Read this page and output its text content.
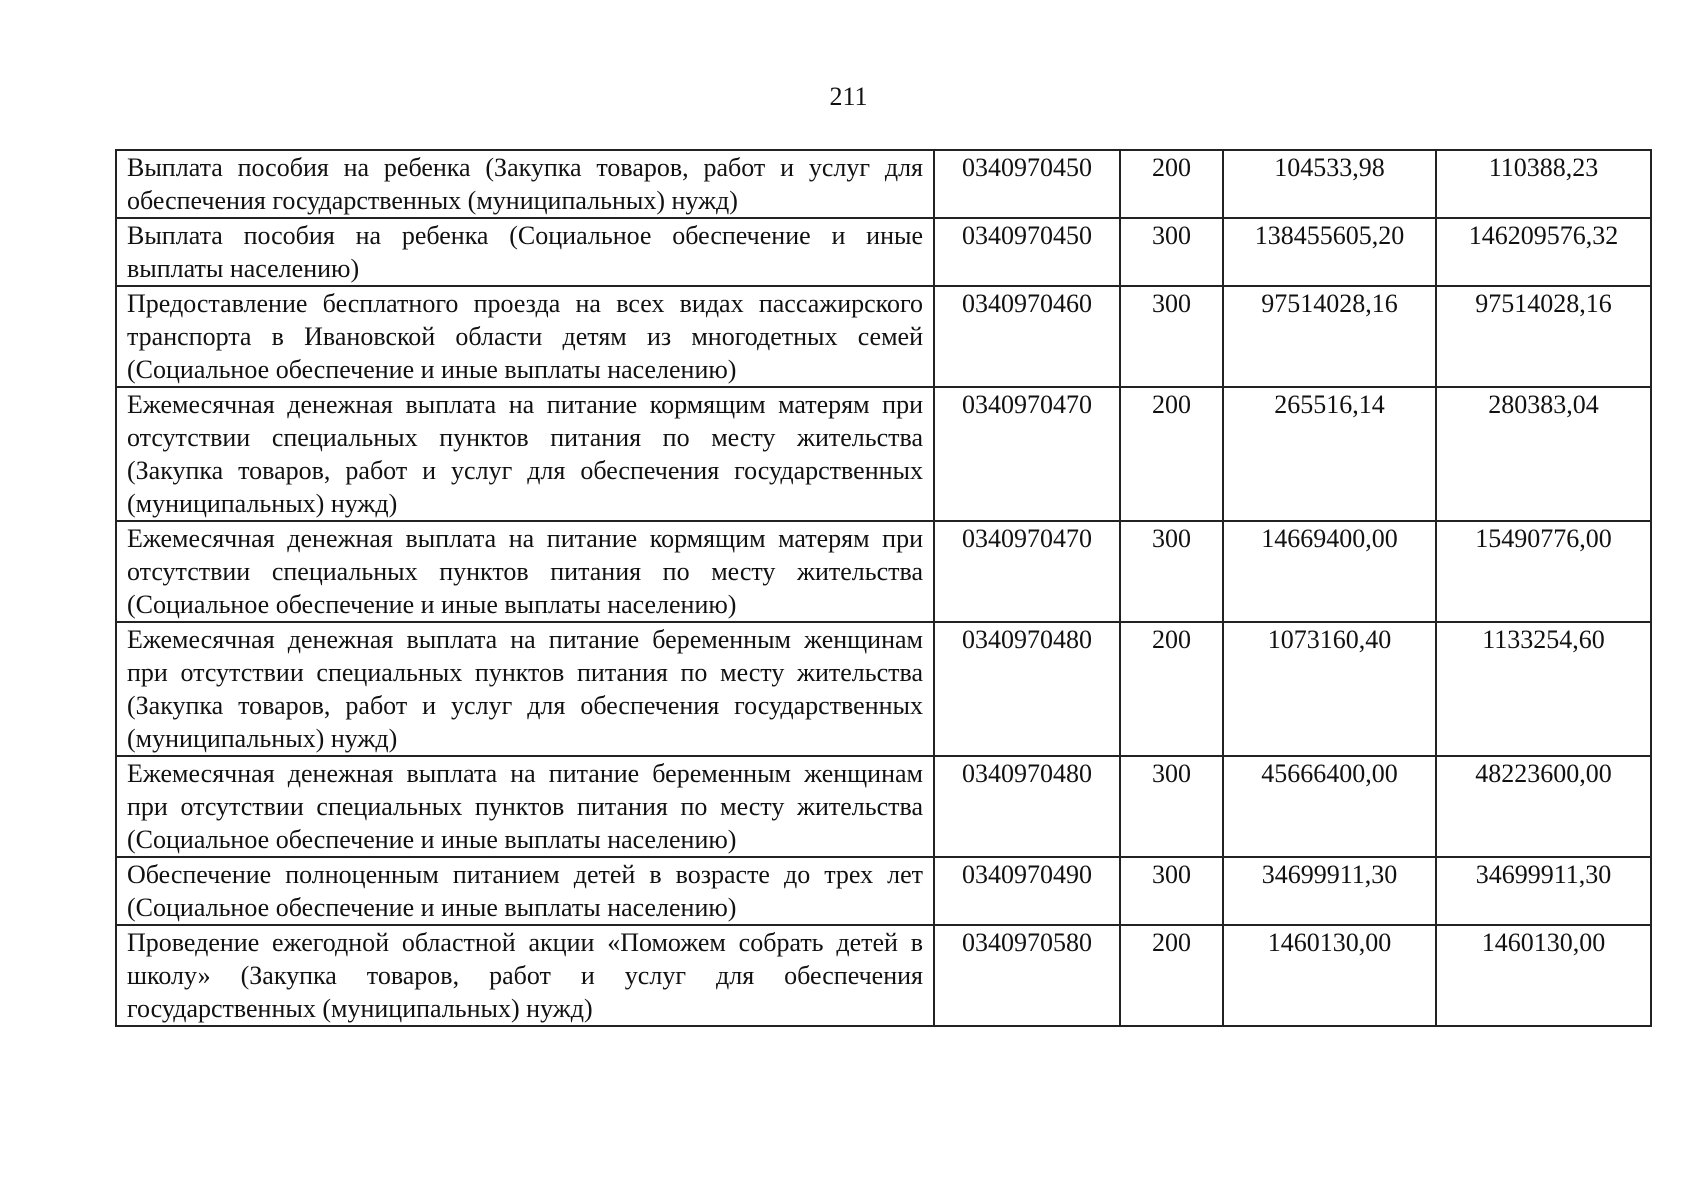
211
Выплата пособия на ребенка (Закупка товаров, работ и услуг для обеспечения государственных (муниципальных) нужд)	0340970450	200	104533,98	110388,23
Выплата пособия на ребенка (Социальное обеспечение и иные выплаты населению)	0340970450	300	138455605,20	146209576,32
Предоставление бесплатного проезда на всех видах пассажирского транспорта в Ивановской области детям из многодетных семей (Социальное обеспечение и иные выплаты населению)	0340970460	300	97514028,16	97514028,16
Ежемесячная денежная выплата на питание кормящим матерям при отсутствии специальных пунктов питания по месту жительства (Закупка товаров, работ и услуг для обеспечения государственных (муниципальных) нужд)	0340970470	200	265516,14	280383,04
Ежемесячная денежная выплата на питание кормящим матерям при отсутствии специальных пунктов питания по месту жительства (Социальное обеспечение и иные выплаты населению)	0340970470	300	14669400,00	15490776,00
Ежемесячная денежная выплата на питание беременным женщинам при отсутствии специальных пунктов питания по месту жительства (Закупка товаров, работ и услуг для обеспечения государственных (муниципальных) нужд)	0340970480	200	1073160,40	1133254,60
Ежемесячная денежная выплата на питание беременным женщинам при отсутствии специальных пунктов питания по месту жительства (Социальное обеспечение и иные выплаты населению)	0340970480	300	45666400,00	48223600,00
Обеспечение полноценным питанием детей в возрасте до трех лет (Социальное обеспечение и иные выплаты населению)	0340970490	300	34699911,30	34699911,30
Проведение ежегодной областной акции «Поможем собрать детей в школу» (Закупка товаров, работ и услуг для обеспечения государственных (муниципальных) нужд)	0340970580	200	1460130,00	1460130,00
